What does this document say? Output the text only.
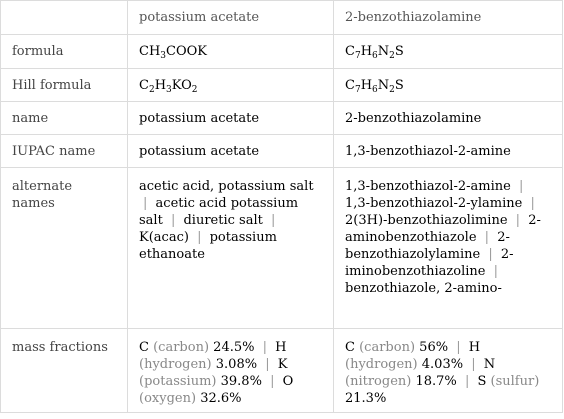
	potassium acetate	2-benzothiazolamine
formula	$CH_3COOK$	$C_7H_6N_2S$
Hill formula	$C_2H_3KO_2$	$C_7H_6N_2S$
name	potassium acetate	2-benzothiazolamine
IUPAC name	potassium acetate	1,3-benzothiazol-2-amine
alternate names	acetic acid, potassium salt | acetic acid potassium salt | diuretic salt | K(acac) | potassium ethanoate	1,3-benzothiazol-2-amine | 1,3-benzothiazol-2-ylamine | 2(3H)-benzothiazolimine | 2-aminobenzothiazole | 2-benzothiazolylamine | 2-iminobenzothiazoline | benzothiazole, 2-amino-
mass fractions	C (carbon) 24.5% | H (hydrogen) 3.08% | K (potassium) 39.8% | O (oxygen) 32.6%	C (carbon) 56% | H (hydrogen) 4.03% | N (nitrogen) 18.7% | S (sulfur) 21.3%
